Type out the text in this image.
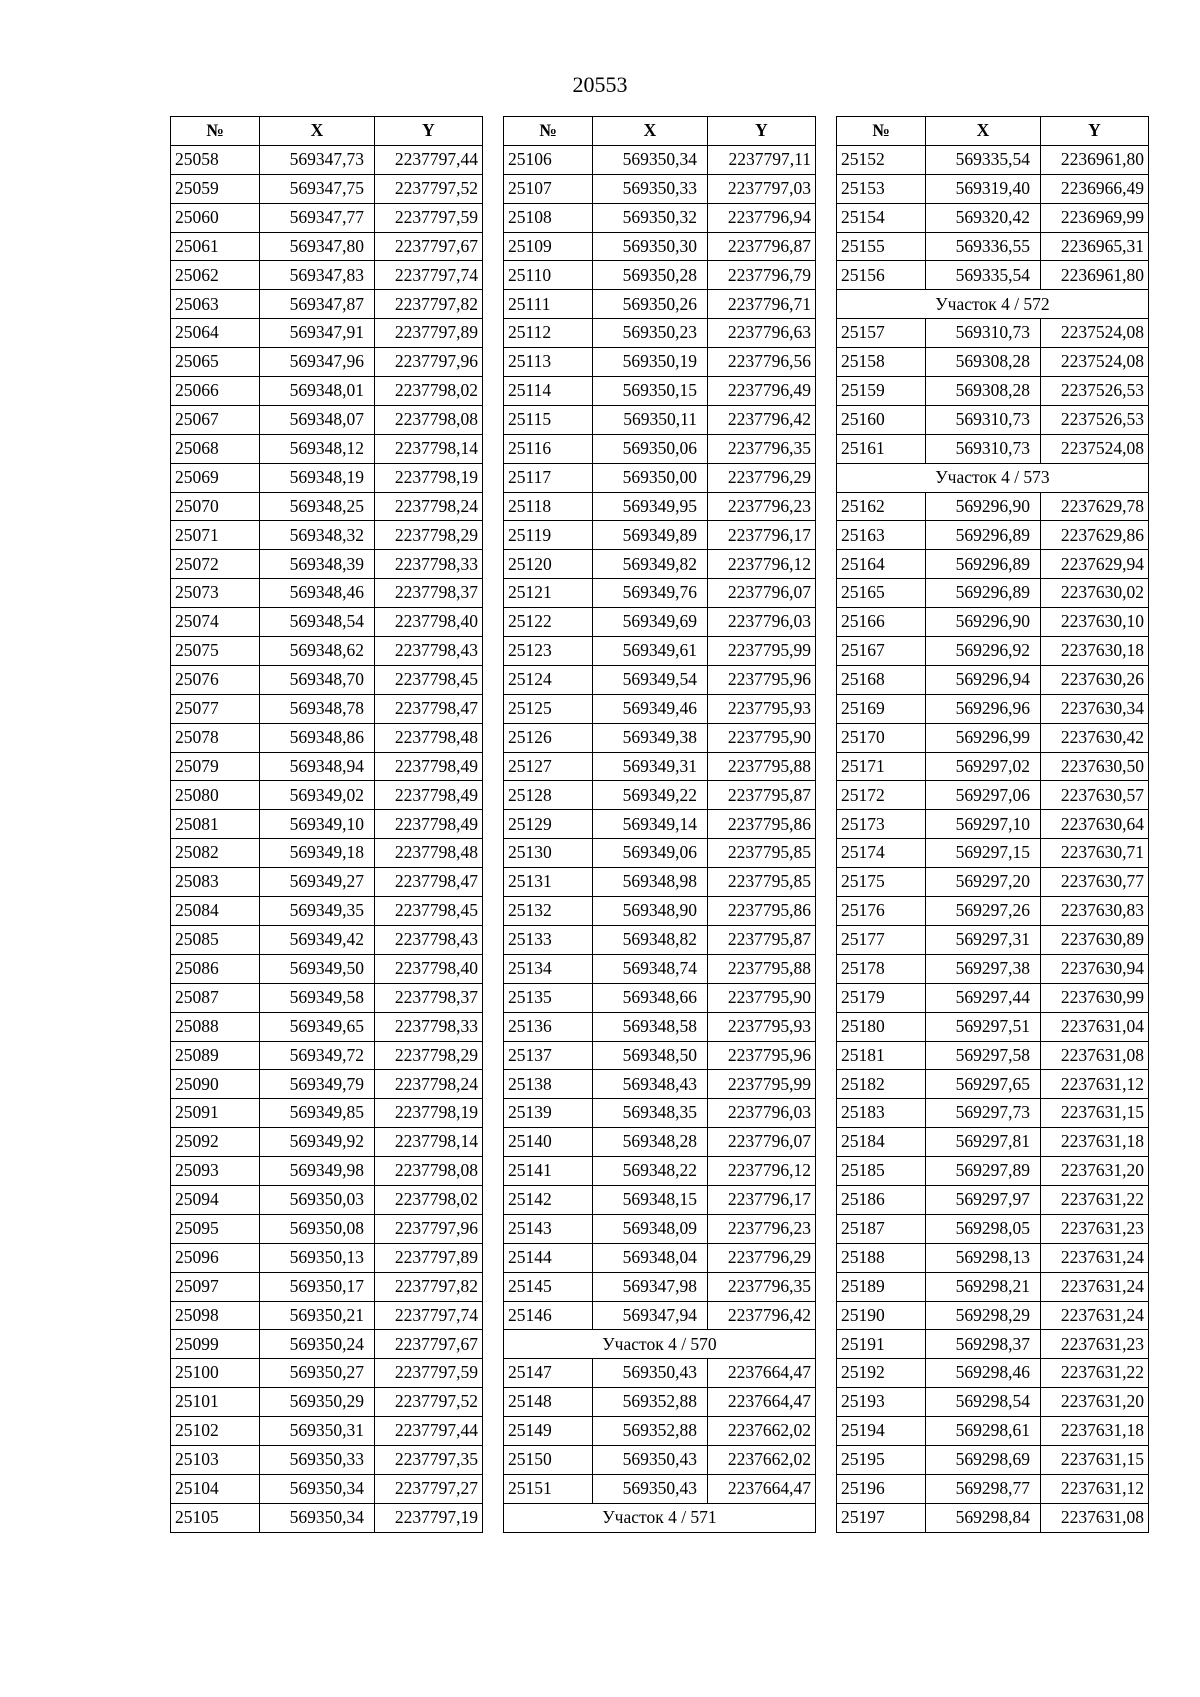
20553
№	X	Y
25058	569347,73	2237797,44
25059	569347,75	2237797,52
25060	569347,77	2237797,59
25061	569347,80	2237797,67
25062	569347,83	2237797,74
25063	569347,87	2237797,82
25064	569347,91	2237797,89
25065	569347,96	2237797,96
25066	569348,01	2237798,02
25067	569348,07	2237798,08
25068	569348,12	2237798,14
25069	569348,19	2237798,19
25070	569348,25	2237798,24
25071	569348,32	2237798,29
25072	569348,39	2237798,33
25073	569348,46	2237798,37
25074	569348,54	2237798,40
25075	569348,62	2237798,43
25076	569348,70	2237798,45
25077	569348,78	2237798,47
25078	569348,86	2237798,48
25079	569348,94	2237798,49
25080	569349,02	2237798,49
25081	569349,10	2237798,49
25082	569349,18	2237798,48
25083	569349,27	2237798,47
25084	569349,35	2237798,45
25085	569349,42	2237798,43
25086	569349,50	2237798,40
25087	569349,58	2237798,37
25088	569349,65	2237798,33
25089	569349,72	2237798,29
25090	569349,79	2237798,24
25091	569349,85	2237798,19
25092	569349,92	2237798,14
25093	569349,98	2237798,08
25094	569350,03	2237798,02
25095	569350,08	2237797,96
25096	569350,13	2237797,89
25097	569350,17	2237797,82
25098	569350,21	2237797,74
25099	569350,24	2237797,67
25100	569350,27	2237797,59
25101	569350,29	2237797,52
25102	569350,31	2237797,44
25103	569350,33	2237797,35
25104	569350,34	2237797,27
25105	569350,34	2237797,19
№	X	Y
25106	569350,34	2237797,11
25107	569350,33	2237797,03
25108	569350,32	2237796,94
25109	569350,30	2237796,87
25110	569350,28	2237796,79
25111	569350,26	2237796,71
25112	569350,23	2237796,63
25113	569350,19	2237796,56
25114	569350,15	2237796,49
25115	569350,11	2237796,42
25116	569350,06	2237796,35
25117	569350,00	2237796,29
25118	569349,95	2237796,23
25119	569349,89	2237796,17
25120	569349,82	2237796,12
25121	569349,76	2237796,07
25122	569349,69	2237796,03
25123	569349,61	2237795,99
25124	569349,54	2237795,96
25125	569349,46	2237795,93
25126	569349,38	2237795,90
25127	569349,31	2237795,88
25128	569349,22	2237795,87
25129	569349,14	2237795,86
25130	569349,06	2237795,85
25131	569348,98	2237795,85
25132	569348,90	2237795,86
25133	569348,82	2237795,87
25134	569348,74	2237795,88
25135	569348,66	2237795,90
25136	569348,58	2237795,93
25137	569348,50	2237795,96
25138	569348,43	2237795,99
25139	569348,35	2237796,03
25140	569348,28	2237796,07
25141	569348,22	2237796,12
25142	569348,15	2237796,17
25143	569348,09	2237796,23
25144	569348,04	2237796,29
25145	569347,98	2237796,35
25146	569347,94	2237796,42
Участок 4 / 570		
25147	569350,43	2237664,47
25148	569352,88	2237664,47
25149	569352,88	2237662,02
25150	569350,43	2237662,02
25151	569350,43	2237664,47
Участок 4 / 571		
№	X	Y
25152	569335,54	2236961,80
25153	569319,40	2236966,49
25154	569320,42	2236969,99
25155	569336,55	2236965,31
25156	569335,54	2236961,80
Участок 4 / 572		
25157	569310,73	2237524,08
25158	569308,28	2237524,08
25159	569308,28	2237526,53
25160	569310,73	2237526,53
25161	569310,73	2237524,08
Участок 4 / 573		
25162	569296,90	2237629,78
25163	569296,89	2237629,86
25164	569296,89	2237629,94
25165	569296,89	2237630,02
25166	569296,90	2237630,10
25167	569296,92	2237630,18
25168	569296,94	2237630,26
25169	569296,96	2237630,34
25170	569296,99	2237630,42
25171	569297,02	2237630,50
25172	569297,06	2237630,57
25173	569297,10	2237630,64
25174	569297,15	2237630,71
25175	569297,20	2237630,77
25176	569297,26	2237630,83
25177	569297,31	2237630,89
25178	569297,38	2237630,94
25179	569297,44	2237630,99
25180	569297,51	2237631,04
25181	569297,58	2237631,08
25182	569297,65	2237631,12
25183	569297,73	2237631,15
25184	569297,81	2237631,18
25185	569297,89	2237631,20
25186	569297,97	2237631,22
25187	569298,05	2237631,23
25188	569298,13	2237631,24
25189	569298,21	2237631,24
25190	569298,29	2237631,24
25191	569298,37	2237631,23
25192	569298,46	2237631,22
25193	569298,54	2237631,20
25194	569298,61	2237631,18
25195	569298,69	2237631,15
25196	569298,77	2237631,12
25197	569298,84	2237631,08
